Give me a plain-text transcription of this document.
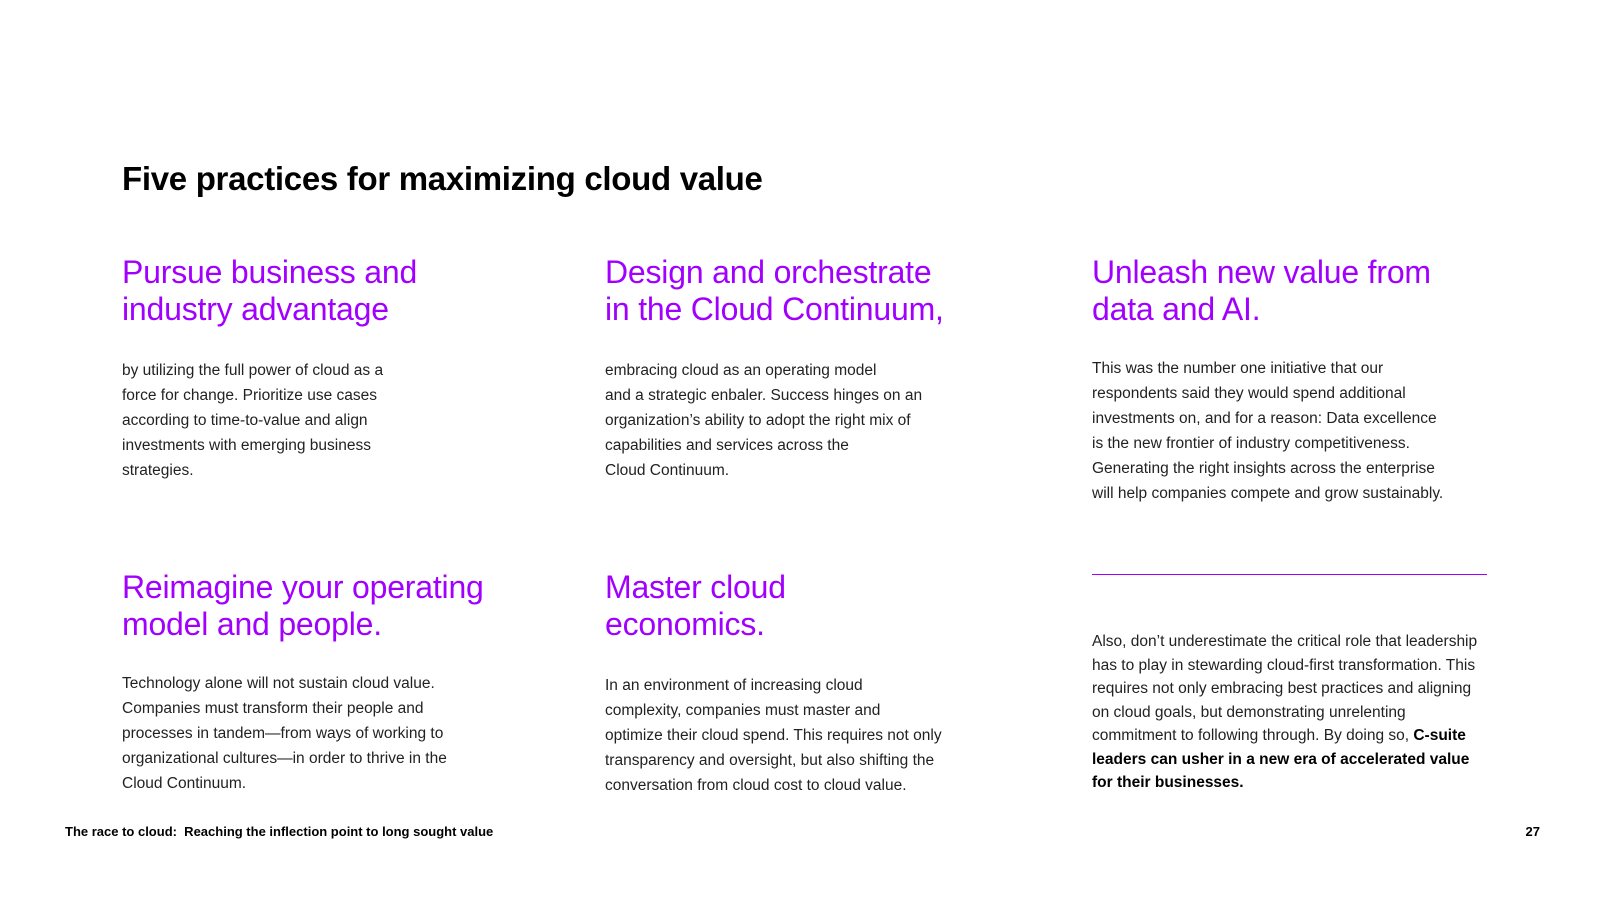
Five practices for maximizing cloud value
Pursue business and
industry advantage

by utilizing the full power of cloud as a
force for change. Prioritize use cases
according to time-to-value and align
investments with emerging business
strategies.

Design and orchestrate
in the Cloud Continuum,

embracing cloud as an operating model
and a strategic enbaler. Success hinges on an
organization’s ability to adopt the right mix of
capabilities and services across the
Cloud Continuum.

Unleash new value from
data and AI.

This was the number one initiative that our
respondents said they would spend additional
investments on, and for a reason: Data excellence
is the new frontier of industry competitiveness.
Generating the right insights across the enterprise
will help companies compete and grow sustainably.

Reimagine your operating
model and people.

Technology alone will not sustain cloud value.
Companies must transform their people and
processes in tandem—from ways of working to
organizational cultures—in order to thrive in the
Cloud Continuum.

Master cloud
economics.

In an environment of increasing cloud
complexity, companies must master and
optimize their cloud spend. This requires not only
transparency and oversight, but also shifting the
conversation from cloud cost to cloud value.

Also, don’t underestimate the critical role that leadership has to play in stewarding cloud-first transformation. This requires not only embracing best practices and aligning on cloud goals, but demonstrating unrelenting commitment to following through. By doing so, C-suite leaders can usher in a new era of accelerated value for their businesses.

The race to cloud:  Reaching the inflection point to long sought value	27
